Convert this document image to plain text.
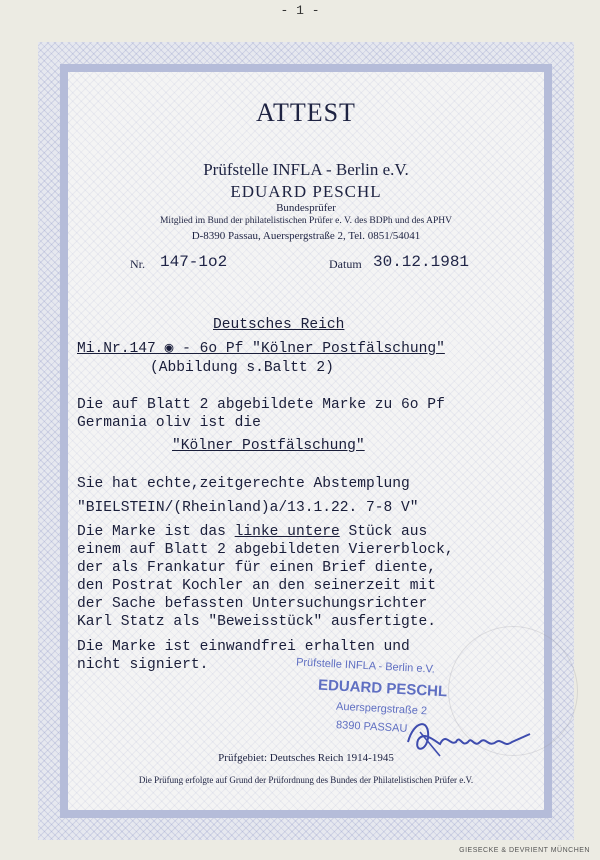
- 1 -
ATTEST
Prüfstelle INFLA - Berlin e.V.
EDUARD PESCHL
Bundesprüfer
Mitglied im Bund der philatelistischen Prüfer e. V. des BDPh und des APHV
D-8390 Passau, Auerspergstraße 2, Tel. 0851/54041
Nr. 147-1o2	Datum 30.12.1981
Deutsches Reich
Mi.Nr.147 ◉ - 6o Pf "Kölner Postfälschung"
(Abbildung s.Baltt 2)
Die auf Blatt 2 abgebildete Marke zu 6o Pf
Germania oliv ist die
"Kölner Postfälschung"
Sie hat echte,zeitgerechte Abstemplung
"BIELSTEIN/(Rheinland)a/13.1.22. 7-8 V"
Die Marke ist das linke untere Stück aus
einem auf Blatt 2 abgebildeten Viererblock,
der als Frankatur für einen Brief diente,
den Postrat Kochler an den seinerzeit mit
der Sache befassten Untersuchungsrichter
Karl Statz als "Beweisstück" ausfertigte.
Die Marke ist einwandfrei erhalten und
nicht signiert.	Prüfstelle INFLA - Berlin e.V.
EDUARD PESCHL
Auerspergstraße 2
8390 PASSAU
Prüfgebiet: Deutsches Reich 1914-1945
Die Prüfung erfolgte auf Grund der Prüfordnung des Bundes der Philatelistischen Prüfer e.V.
GIESECKE & DEVRIENT MÜNCHEN
